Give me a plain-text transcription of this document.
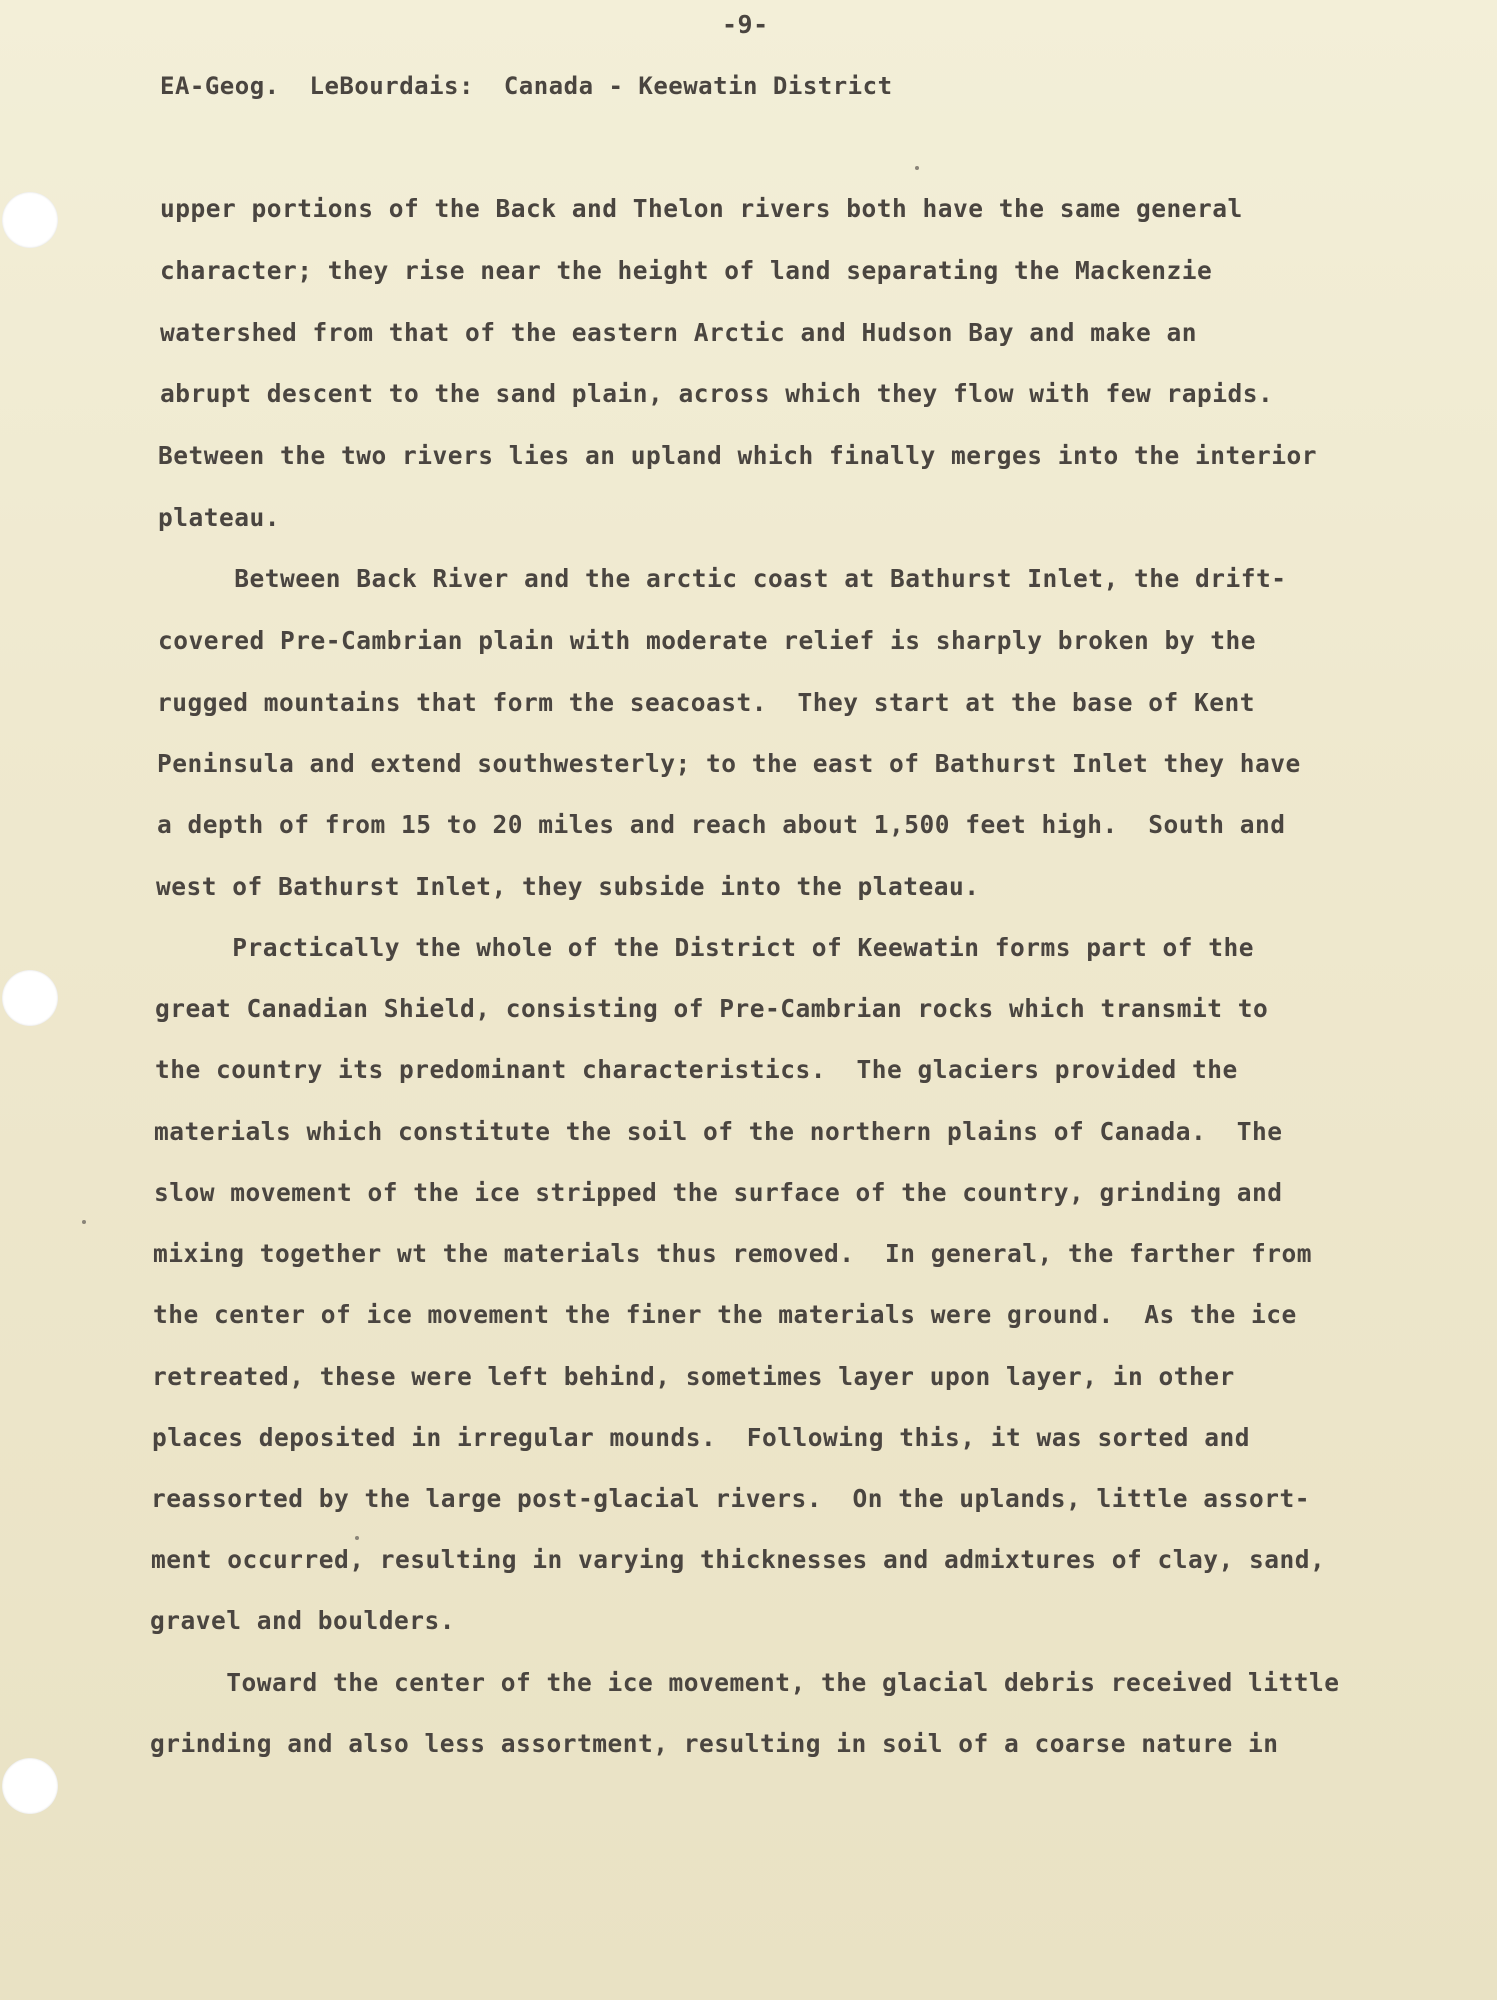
-9-

EA-Geog.  LeBourdais:  Canada - Keewatin District

upper portions of the Back and Thelon rivers both have the same general

character; they rise near the height of land separating the Mackenzie

watershed from that of the eastern Arctic and Hudson Bay and make an

abrupt descent to the sand plain, across which they flow with few rapids.

Between the two rivers lies an upland which finally merges into the interior

plateau.

Between Back River and the arctic coast at Bathurst Inlet, the drift-

covered Pre-Cambrian plain with moderate relief is sharply broken by the

rugged mountains that form the seacoast.  They start at the base of Kent

Peninsula and extend southwesterly; to the east of Bathurst Inlet they have

a depth of from 15 to 20 miles and reach about 1,500 feet high.  South and

west of Bathurst Inlet, they subside into the plateau.

Practically the whole of the District of Keewatin forms part of the

great Canadian Shield, consisting of Pre-Cambrian rocks which transmit to

the country its predominant characteristics.  The glaciers provided the

materials which constitute the soil of the northern plains of Canada.  The

slow movement of the ice stripped the surface of the country, grinding and

mixing together wt the materials thus removed.  In general, the farther from

the center of ice movement the finer the materials were ground.  As the ice

retreated, these were left behind, sometimes layer upon layer, in other

places deposited in irregular mounds.  Following this, it was sorted and

reassorted by the large post-glacial rivers.  On the uplands, little assort-

ment occurred, resulting in varying thicknesses and admixtures of clay, sand,

gravel and boulders.

Toward the center of the ice movement, the glacial debris received little

grinding and also less assortment, resulting in soil of a coarse nature in
